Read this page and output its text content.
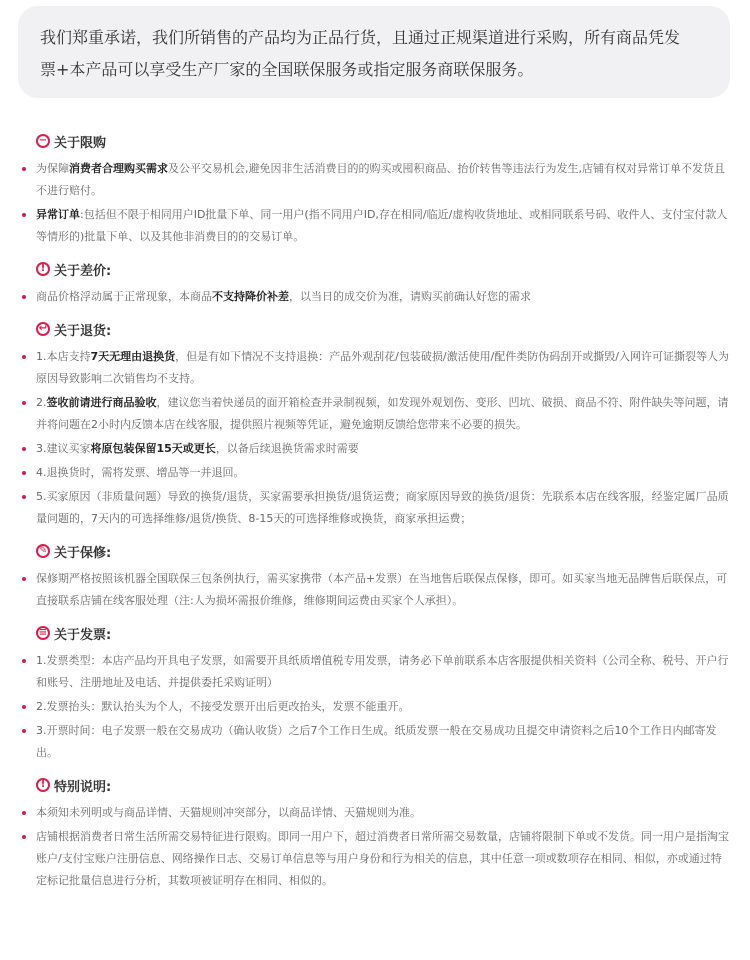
我们郑重承诺，我们所销售的产品均为正品行货，且通过正规渠道进行采购，所有商品凭发
票+本产品可以享受生产厂家的全国联保服务或指定服务商联保服务。
− 关于限购
为保障消费者合理购买需求及公平交易机会,避免因非生活消费目的的购买或囤积商品、抬价转售等违法行为发生,店铺有权对异常订单不发货且不进行赔付。
异常订单:包括但不限于相同用户ID批量下单、同一用户(指不同用户ID,存在相同/临近/虚构收货地址、或相同联系号码、收件人、支付宝付款人等情形的)批量下单、以及其他非消费目的的交易订单。
! 关于差价:
商品价格浮动属于正常现象，本商品不支持降价补差，以当日的成交价为准，请购买前确认好您的需求
↩ 关于退货:
1.本店支持7天无理由退换货，但是有如下情况不支持退换：产品外观刮花/包装破损/激活使用/配件类防伪码刮开或撕毁/入网许可证撕裂等人为原因导致影响二次销售均不支持。
2.签收前请进行商品验收，建议您当着快递员的面开箱检查并录制视频，如发现外观划伤、变形、凹坑、破损、商品不符、附件缺失等问题，请并将问题在2小时内反馈本店在线客服，提供照片视频等凭证，避免逾期反馈给您带来不必要的损失。
3.建议买家将原包装保留15天或更长，以备后续退换货需求时需要
4.退换货时，需将发票、增品等一并退回。
5.买家原因（非质量问题）导致的换货/退货，买家需要承担换货/退货运费；商家原因导致的换货/退货：先联系本店在线客服，经鉴定属厂品质量问题的，7天内的可选择维修/退货/换货、8-15天的可选择维修或换货，商家承担运费；
✎ 关于保修:
保修期严格按照该机器全国联保三包条例执行，需买家携带（本产品+发票）在当地售后联保点保修，即可。如买家当地无品牌售后联保点，可直接联系店铺在线客服处理（注:人为损坏需报价维修，维修期间运费由买家个人承担）。
≡ 关于发票:
1.发票类型：本店产品均开具电子发票，如需要开具纸质增值税专用发票，请务必下单前联系本店客服提供相关资料（公司全称、税号、开户行和账号、注册地址及电话、并提供委托采购证明）
2.发票抬头：默认抬头为个人，不接受发票开出后更改抬头，发票不能重开。
3.开票时间：电子发票一般在交易成功（确认收货）之后7个工作日生成。纸质发票一般在交易成功且提交申请资料之后10个工作日内邮寄发出。
! 特别说明:
本须知未列明或与商品详情、天猫规则冲突部分，以商品详情、天猫规则为准。
店铺根据消费者日常生活所需交易特征进行限购。即同一用户下，超过消费者日常所需交易数量，店铺将限制下单或不发货。同一用户是指淘宝账户/支付宝账户注册信息、网络操作日志、交易订单信息等与用户身份和行为相关的信息，其中任意一项或数项存在相同、相似，亦或通过特定标记批量信息进行分析，其数项被证明存在相同、相似的。
